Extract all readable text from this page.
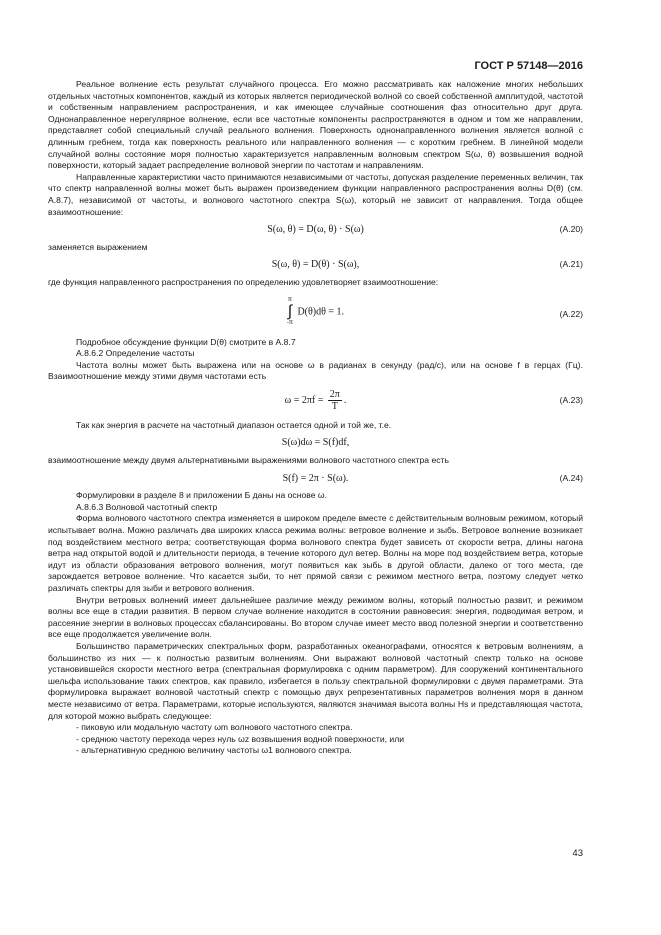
ГОСТ Р 57148—2016

Реальное волнение есть результат случайного процесса. Его можно рассматривать как наложение многих небольших отдельных частотных компонентов, каждый из которых является периодической волной со своей собственной амплитудой, частотой и собственным направлением распространения, и как имеющее случайные соотношения фаз относительно друг друга. Однонаправленное нерегулярное волнение, если все частотные компоненты распространяются в одном и том же направлении, представляет собой специальный случай реального волнения. Поверхность однонаправленного волнения является волной с длинным гребнем, тогда как поверхность реального или направленного волнения — с коротким гребнем. В линейной модели случайной волны состояние моря полностью характеризуется направленным волновым спектром S(ω, θ) возвышения водной поверхности, который задает распределение волновой энергии по частотам и направлениям.

Направленные характеристики часто принимаются независимыми от частоты, допуская разделение переменных величин, так что спектр направленной волны может быть выражен произведением функции направленного распространения волны D(θ) (см. А.8.7), независимой от частоты, и волнового частотного спектра S(ω), который не зависит от направления. Тогда общее взаимоотношение:

S(ω, θ) = D(ω, θ) · S(ω)	(А.20)

заменяется выражением

S(ω, θ) = D(θ) · S(ω),	(А.21)

где функция направленного распространения по определению удовлетворяет взаимоотношение:

π
∫
-π
D(θ)dθ = 1.	(А.22)

Подробное обсуждение функции D(θ) смотрите в А.8.7

А.8.6.2 Определение частоты

Частота волны может быть выражена или на основе ω в радианах в секунду (рад/с), или на основе f в герцах (Гц). Взаимоотношение между этими двумя частотами есть

$\omega = 2\pi f = \frac{2\pi}{T}$ .	(А.23)

Так как энергия в расчете на частотный диапазон остается одной и той же, т.е.

S(ω)dω = S(f)df,

взаимоотношение между двумя альтернативными выражениями волнового частотного спектра есть

S(f) = 2π · S(ω).	(А.24)

Формулировки в разделе 8 и приложении Б даны на основе ω.

А.8.6.3 Волновой частотный спектр

Форма волнового частотного спектра изменяется в широком пределе вместе с действительным волновым режимом, который испытывает волна. Можно различать два широких класса режима волны: ветровое волнение и зыбь. Ветровое волнение возникает под воздействием местного ветра; соответствующая форма волнового спектра будет зависеть от скорости ветра, длины нагона ветра над открытой водой и длительности периода, в течение которого дул ветер. Волны на море под воздействием ветра, которые идут из области образования ветрового волнения, могут появиться как зыбь в другой области, далеко от того места, где зарождается ветровое волнение. Что касается зыби, то нет прямой связи с режимом местного ветра, поэтому следует четко различать спектры для зыби и ветрового волнения.

Внутри ветровых волнений имеет дальнейшее различие между режимом волны, который полностью развит, и режимом волны все еще в стадии развития. В первом случае волнение находится в состоянии равновесия: энергия, подводимая ветром, и рассеяние энергии в волновых процессах сбалансированы. Во втором случае имеет место ввод полезной энергии и соответственно все еще продолжается увеличение волн.

Большинство параметрических спектральных форм, разработанных океанографами, относятся к ветровым волнениям, а большинство из них — к полностью развитым волнениям. Они выражают волновой частотный спектр только на основе установившейся скорости местного ветра (спектральная формулировка с одним параметром). Для сооружений континентального шельфа использование таких спектров, как правило, избегается в пользу спектральной формулировки с двумя параметрами. Эта формулировка выражает волновой частотный спектр с помощью двух репрезентативных параметров волнения моря в данном месте независимо от ветра. Параметрами, которые используются, являются значимая высота волны Hs и представляющая частота, для которой можно выбрать следующее:

- пиковую или модальную частоту ωm волнового частотного спектра.

- среднюю частоту перехода через нуль ωz возвышения водной поверхности, или

- альтернативную среднюю величину частоты ω1 волнового спектра.

43
